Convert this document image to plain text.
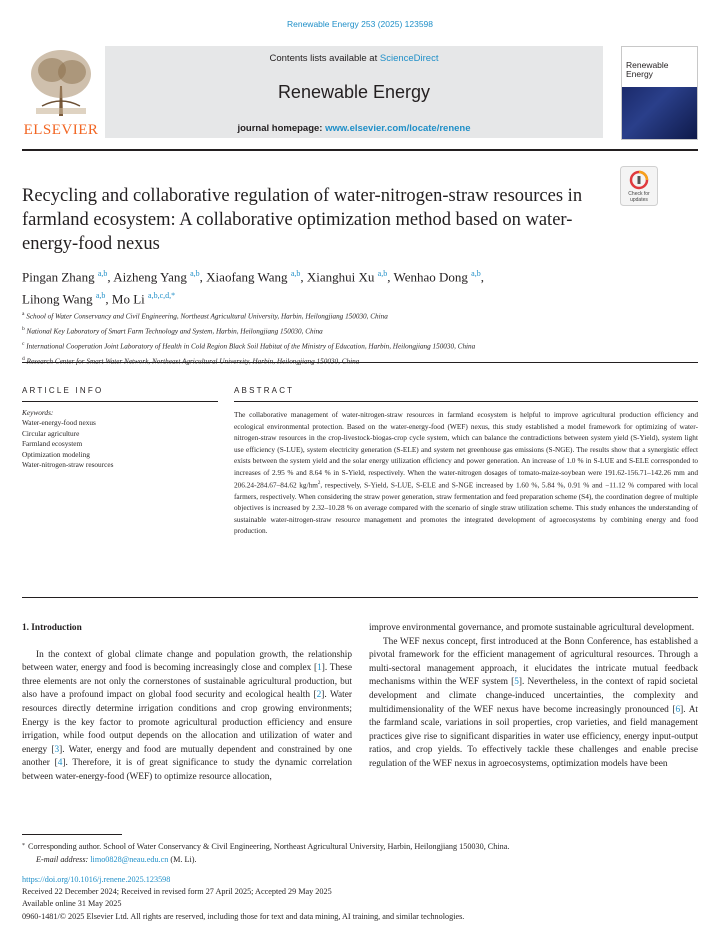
Renewable Energy 253 (2025) 123598
ELSEVIER
Contents lists available at ScienceDirect
Renewable Energy
journal homepage: www.elsevier.com/locate/renene
Renewable Energy
Recycling and collaborative regulation of water-nitrogen-straw resources in farmland ecosystem: A collaborative optimization method based on water-energy-food nexus
Check for updates
Pingan Zhang $^{a,b}$, Aizheng Yang $^{a,b}$, Xiaofang Wang $^{a,b}$, Xianghui Xu $^{a,b}$, Wenhao Dong $^{a,b}$,
Lihong Wang $^{a,b}$, Mo Li $^{a,b,c,d,*}$
$^a$ School of Water Conservancy and Civil Engineering, Northeast Agricultural University, Harbin, Heilongjiang 150030, China
$^b$ National Key Laboratory of Smart Farm Technology and System, Harbin, Heilongjiang 150030, China
$^c$ International Cooperation Joint Laboratory of Health in Cold Region Black Soil Habitat of the Ministry of Education, Harbin, Heilongjiang 150030, China
$^d$
ARTICLE INFO
Keywords:
Water-energy-food nexus
Circular agriculture
Farmland ecosystem
Optimization modeling
Water-nitrogen-straw resources
ABSTRACT
The collaborative management of water-nitrogen-straw resources in farmland ecosystem is helpful to improve agricultural production efficiency and ecological environmental protection. Based on the water-energy-food (WEF) nexus, this study established a model framework for optimizing of water-nitrogen-straw resources in the crop-livestock-biogas-crop cycle system, which can balance the contradictions between system yield (S-Yield), system light use efficiency (S-LUE), system electricity generation (S-ELE) and system net greenhouse gas emissions (S-NGE). The results show that a synergistic effect exists between the system yield and the solar energy utilization efficiency and power generation. An increase of 1.0 % in S-LUE and S-ELE corresponded to increases of 2.95 % and 8.64 % in S-Yield, respectively. When the water-nitrogen dosages of tomato-maize-soybean were 191.62-156.71–142.26 mm and 206.24-284.67–84.62 $kg/hm^2$, respectively, S-Yield, S-LUE, S-ELE and S-NGE increased by 1.60 %, 5.84 %, 0.91 % and −11.12 % compared with local farmers, respectively. When considering the straw power generation, straw fermentation and feed preparation scheme (S4), the coordination degree of multiple objectives is increased by 2.32–10.28 % on average compared with the scenario of single straw utilization scheme. This study enhances the understanding of sustainable water-nitrogen-straw resource management and promotes the integrated development of agroecosystems by combining energy and food production.
1. Introduction

In the context of global climate change and population growth, the relationship between water, energy and food is becoming increasingly close and complex [1]. These three elements are not only the cornerstones of sustainable agricultural production, but also have a profound impact on global food security and ecological health [2]. Water resources directly determine irrigation conditions and crop growing environments; Energy is the key factor to promote agricultural production efficiency and ensure irrigation, while food output depends on the allocation and utilization of water and energy [3]. Water, energy and food are mutually dependent and constrained by one another [4]. Therefore, it is of great significance to study the dynamic correlation between water-energy-food (WEF) to optimize resource allocation,

improve environmental governance, and promote sustainable agricultural development.

The WEF nexus concept, first introduced at the Bonn Conference, has established a pivotal framework for the efficient management of agricultural resources. Through a multi-sectoral management approach, it elucidates the intricate mutual feedback mechanisms within the WEF system [5]. Nevertheless, in the context of rapid societal development and climate change-induced uncertainties, the complexity and multidimensionality of the WEF nexus have become increasingly pronounced [6]. At the farmland scale, variations in soil properties, crop varieties, and field management practices give rise to significant disparities in water use efficiency, energy input-output ratios, and crop yields. To effectively tackle these challenges and enable precise regulation of the WEF nexus in agroecosystems, optimization models have been

*  Corresponding author. School of Water Conservancy & Civil Engineering, Northeast Agricultural University, Harbin, Heilongjiang 150030, China.
E-mail address: limo0828@neau.edu.cn (M. Li).
https://doi.org/10.1016/j.renene.2025.123598
Received 22 December 2024; Received in revised form 27 April 2025; Accepted 29 May 2025
Available online 31 May 2025
0960-1481/© 2025 Elsevier Ltd. All rights are reserved, including those for text and data mining, AI training, and similar technologies.
